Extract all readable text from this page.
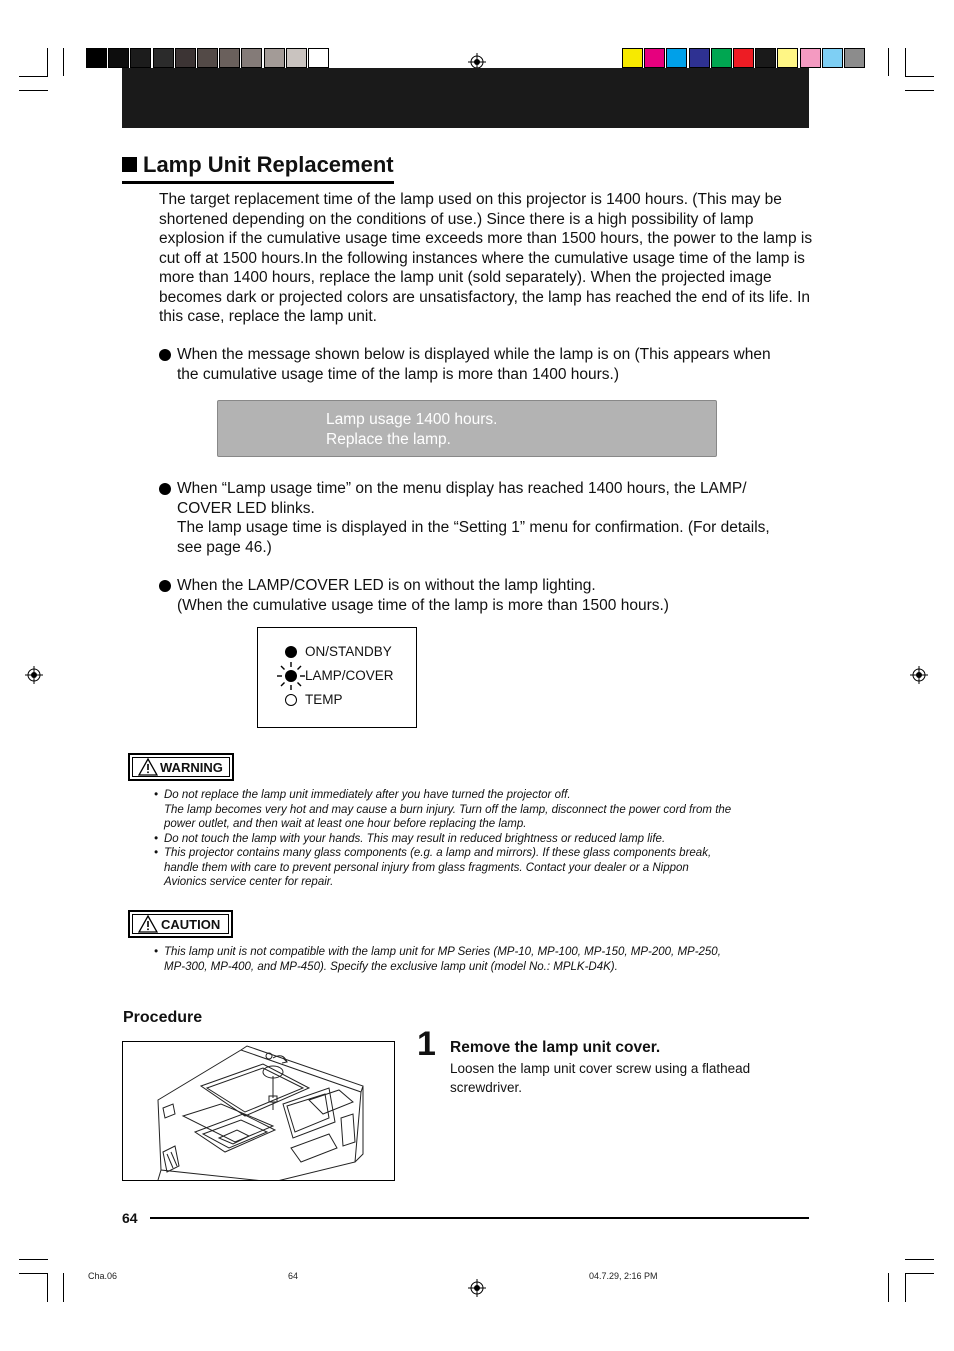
Lamp Unit Replacement
The target replacement time of the lamp used on this projector is 1400 hours. (This may be shortened depending on the conditions of use.) Since there is a high possibility of lamp explosion if the cumulative usage time exceeds more than 1500 hours, the power to the lamp is cut off at 1500 hours.In the following instances where the cumulative usage time of the lamp is more than 1400 hours, replace the lamp unit (sold separately). When the projected image becomes dark or projected colors are unsatisfactory, the lamp has reached the end of its life. In this case, replace the lamp unit.
When the message shown below is displayed while the lamp is on (This appears when
the cumulative usage time of the lamp is more than 1400 hours.)
Lamp usage 1400 hours.
Replace the lamp.
When “Lamp usage time” on the menu display has reached 1400 hours, the LAMP/
COVER LED blinks.
The lamp usage time is displayed in the “Setting 1” menu for confirmation. (For details,
see page 46.)
When the LAMP/COVER LED is on without the lamp lighting.
(When the cumulative usage time of the lamp is more than 1500 hours.)
ON/STANDBY
LAMP/COVER
TEMP
WARNING
• Do not replace the lamp unit immediately after you have turned the projector off.
The lamp becomes very hot and may cause a burn injury. Turn off the lamp, disconnect the power cord from the
power outlet, and then wait at least one hour before replacing the lamp.
• Do not touch the lamp with your hands. This may result in reduced brightness or reduced lamp life.
• This projector contains many glass components (e.g. a lamp and mirrors). If these glass components break,
handle them with care to prevent personal injury from glass fragments. Contact your dealer or a Nippon
Avionics service center for repair.
CAUTION
• This lamp unit is not compatible with the lamp unit for MP Series (MP-10, MP-100, MP-150, MP-200, MP-250,
MP-300, MP-400, and MP-450). Specify the exclusive lamp unit (model No.: MPLK-D4K).
Procedure
1 Remove the lamp unit cover.
Loosen the lamp unit cover screw using a flathead
screwdriver.
64
Cha.06	64	04.7.29, 2:16 PM
